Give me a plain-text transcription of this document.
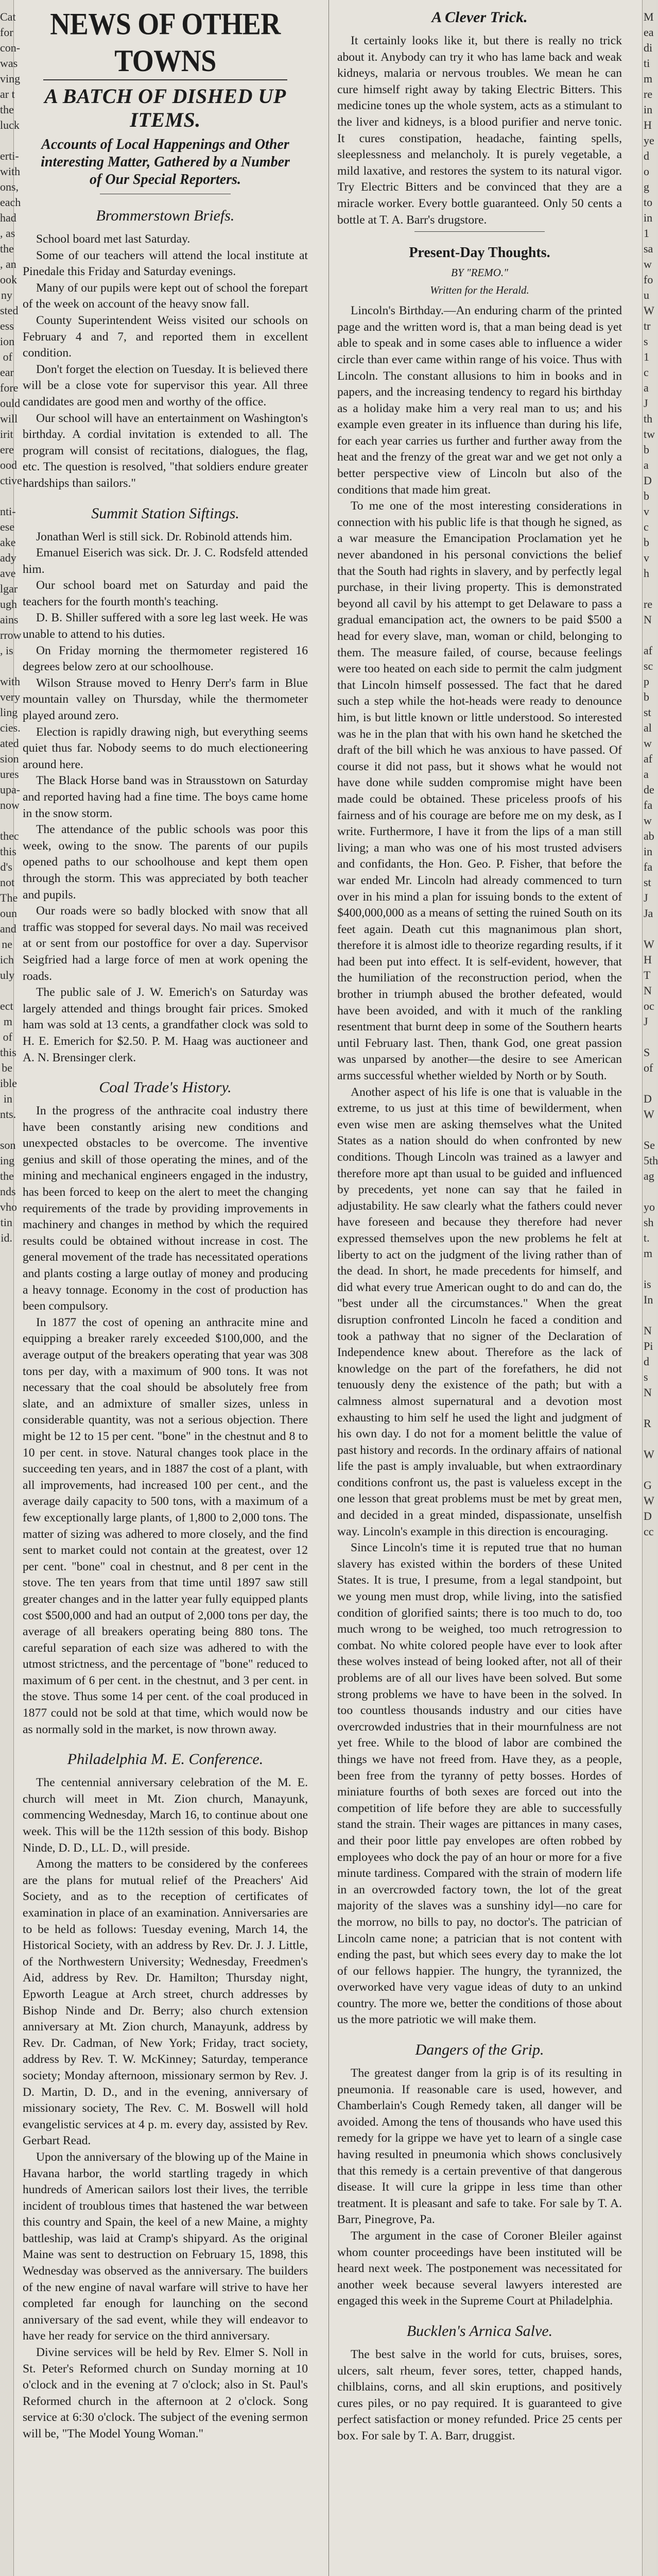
Cat
for
con-
was
ving
ar t
the
luck

erti-
with
ons,
each
had
, as
the
, an
ook
ny
sted
ess
ion
of
ear
fore
ould
will
irit
ere
ood
ctive

nti-
ese
ake
ady
ave
lgar
ugh
ains
rrow
, is

with
very
ling
cies.
ated
sion
ures
upa-
now

thec
this
d's
not
The
oun
and
ne
ich
uly

ect
m
of
this
be
ible
in
nts.

son
ing
the
nds
vho
tin
id.
NEWS OF OTHER TOWNS
A BATCH OF DISHED UP ITEMS.
Accounts of Local Happenings and Other interesting Matter, Gathered by a Number of Our Special Reporters.
Brommerstown Briefs.

School board met last Saturday.

Some of our teachers will attend the local institute at Pinedale this Friday and Saturday evenings.

Many of our pupils were kept out of school the forepart of the week on account of the heavy snow fall.

County Superintendent Weiss visited our schools on February 4 and 7, and reported them in excellent condition.

Don't forget the election on Tuesday. It is believed there will be a close vote for supervisor this year. All three candidates are good men and worthy of the office.

Our school will have an entertainment on Washington's birthday. A cordial invitation is extended to all. The program will consist of recitations, dialogues, the flag, etc. The question is resolved, "that soldiers endure greater hardships than sailors."

Summit Station Siftings.

Jonathan Werl is still sick. Dr. Robinold attends him.

Emanuel Eiserich was sick. Dr. J. C. Rodsfeld attended him.

Our school board met on Saturday and paid the teachers for the fourth month's teaching.

D. B. Shiller suffered with a sore leg last week. He was unable to attend to his duties.

On Friday morning the thermometer registered 16 degrees below zero at our schoolhouse.

Wilson Strause moved to Henry Derr's farm in Blue mountain valley on Thursday, while the thermometer played around zero.

Election is rapidly drawing nigh, but everything seems quiet thus far. Nobody seems to do much electioneering around here.

The Black Horse band was in Strausstown on Saturday and reported having had a fine time. The boys came home in the snow storm.

The attendance of the public schools was poor this week, owing to the snow. The parents of our pupils opened paths to our schoolhouse and kept them open through the storm. This was appreciated by both teacher and pupils.

Our roads were so badly blocked with snow that all traffic was stopped for several days. No mail was received at or sent from our postoffice for over a day. Supervisor Seigfried had a large force of men at work opening the roads.

The public sale of J. W. Emerich's on Saturday was largely attended and things brought fair prices. Smoked ham was sold at 13 cents, a grandfather clock was sold to H. E. Emerich for $2.50. P. M. Haag was auctioneer and A. N. Brensinger clerk.

Coal Trade's History.

In the progress of the anthracite coal industry there have been constantly arising new conditions and unexpected obstacles to be overcome. The inventive genius and skill of those operating the mines, and of the mining and mechanical engineers engaged in the industry, has been forced to keep on the alert to meet the changing requirements of the trade by providing improvements in machinery and changes in method by which the required results could be obtained without increase in cost. The general movement of the trade has necessitated operations and plants costing a large outlay of money and producing a heavy tonnage. Economy in the cost of production has been compulsory.

In 1877 the cost of opening an anthracite mine and equipping a breaker rarely exceeded $100,000, and the average output of the breakers operating that year was 308 tons per day, with a maximum of 900 tons. It was not necessary that the coal should be absolutely free from slate, and an admixture of smaller sizes, unless in considerable quantity, was not a serious objection. There might be 12 to 15 per cent. "bone" in the chestnut and 8 to 10 per cent. in stove. Natural changes took place in the succeeding ten years, and in 1887 the cost of a plant, with all improvements, had increased 100 per cent., and the average daily capacity to 500 tons, with a maximum of a few exceptionally large plants, of 1,800 to 2,000 tons. The matter of sizing was adhered to more closely, and the find sent to market could not contain at the greatest, over 12 per cent. "bone" coal in chestnut, and 8 per cent in the stove. The ten years from that time until 1897 saw still greater changes and in the latter year fully equipped plants cost $500,000 and had an output of 2,000 tons per day, the average of all breakers operating being 880 tons. The careful separation of each size was adhered to with the utmost strictness, and the percentage of "bone" reduced to maximum of 6 per cent. in the chestnut, and 3 per cent. in the stove. Thus some 14 per cent. of the coal produced in 1877 could not be sold at that time, which would now be as normally sold in the market, is now thrown away.

Philadelphia M. E. Conference.

The centennial anniversary celebration of the M. E. church will meet in Mt. Zion church, Manayunk, commencing Wednesday, March 16, to continue about one week. This will be the 112th session of this body. Bishop Ninde, D. D., LL. D., will preside.

Among the matters to be considered by the conferees are the plans for mutual relief of the Preachers' Aid Society, and as to the reception of certificates of examination in place of an examination. Anniversaries are to be held as follows: Tuesday evening, March 14, the Historical Society, with an address by Rev. Dr. J. J. Little, of the Northwestern University; Wednesday, Freedmen's Aid, address by Rev. Dr. Hamilton; Thursday night, Epworth League at Arch street, church addresses by Bishop Ninde and Dr. Berry; also church extension anniversary at Mt. Zion church, Manayunk, address by Rev. Dr. Cadman, of New York; Friday, tract society, address by Rev. T. W. McKinney; Saturday, temperance society; Monday afternoon, missionary sermon by Rev. J. D. Martin, D. D., and in the evening, anniversary of missionary society, The Rev. C. M. Boswell will hold evangelistic services at 4 p. m. every day, assisted by Rev. Gerbart Read.

Upon the anniversary of the blowing up of the Maine in Havana harbor, the world startling tragedy in which hundreds of American sailors lost their lives, the terrible incident of troublous times that hastened the war between this country and Spain, the keel of a new Maine, a mighty battleship, was laid at Cramp's shipyard. As the original Maine was sent to destruction on February 15, 1898, this Wednesday was observed as the anniversary. The builders of the new engine of naval warfare will strive to have her completed far enough for launching on the second anniversary of the sad event, while they will endeavor to have her ready for service on the third anniversary.

Divine services will be held by Rev. Elmer S. Noll in St. Peter's Reformed church on Sunday morning at 10 o'clock and in the evening at 7 o'clock; also in St. Paul's Reformed church in the afternoon at 2 o'clock. Song service at 6:30 o'clock. The subject of the evening sermon will be, "The Model Young Woman."

A Clever Trick.

It certainly looks like it, but there is really no trick about it. Anybody can try it who has lame back and weak kidneys, malaria or nervous troubles. We mean he can cure himself right away by taking Electric Bitters. This medicine tones up the whole system, acts as a stimulant to the liver and kidneys, is a blood purifier and nerve tonic. It cures constipation, headache, fainting spells, sleeplessness and melancholy. It is purely vegetable, a mild laxative, and restores the system to its natural vigor. Try Electric Bitters and be convinced that they are a miracle worker. Every bottle guaranteed. Only 50 cents a bottle at T. A. Barr's drugstore.

Present-Day Thoughts.
BY "REMO."
Written for the Herald.

Lincoln's Birthday.—An enduring charm of the printed page and the written word is, that a man being dead is yet able to speak and in some cases able to influence a wider circle than ever came within range of his voice. Thus with Lincoln. The constant allusions to him in books and in papers, and the increasing tendency to regard his birthday as a holiday make him a very real man to us; and his example even greater in its influence than during his life, for each year carries us further and further away from the heat and the frenzy of the great war and we get not only a better perspective view of Lincoln but also of the conditions that made him great.

To me one of the most interesting considerations in connection with his public life is that though he signed, as a war measure the Emancipation Proclamation yet he never abandoned in his personal convictions the belief that the South had rights in slavery, and by perfectly legal purchase, in their living property. This is demonstrated beyond all cavil by his attempt to get Delaware to pass a gradual emancipation act, the owners to be paid $500 a head for every slave, man, woman or child, belonging to them. The measure failed, of course, because feelings were too heated on each side to permit the calm judgment that Lincoln himself possessed. The fact that he dared such a step while the hot-heads were ready to denounce him, is but little known or little understood. So interested was he in the plan that with his own hand he sketched the draft of the bill which he was anxious to have passed. Of course it did not pass, but it shows what he would not have done while sudden compromise might have been made could be obtained. These priceless proofs of his fairness and of his courage are before me on my desk, as I write. Furthermore, I have it from the lips of a man still living; a man who was one of his most trusted advisers and confidants, the Hon. Geo. P. Fisher, that before the war ended Mr. Lincoln had already commenced to turn over in his mind a plan for issuing bonds to the extent of $400,000,000 as a means of setting the ruined South on its feet again. Death cut this magnanimous plan short, therefore it is almost idle to theorize regarding results, if it had been put into effect. It is self-evident, however, that the humiliation of the reconstruction period, when the brother in triumph abused the brother defeated, would have been avoided, and with it much of the rankling resentment that burnt deep in some of the Southern hearts until February last. Then, thank God, one great passion was unparsed by another—the desire to see American arms successful whether wielded by North or by South.

Another aspect of his life is one that is valuable in the extreme, to us just at this time of bewilderment, when even wise men are asking themselves what the United States as a nation should do when confronted by new conditions. Though Lincoln was trained as a lawyer and therefore more apt than usual to be guided and influenced by precedents, yet none can say that he failed in adjustability. He saw clearly what the fathers could never have foreseen and because they therefore had never expressed themselves upon the new problems he felt at liberty to act on the judgment of the living rather than of the dead. In short, he made precedents for himself, and did what every true American ought to do and can do, the "best under all the circumstances." When the great disruption confronted Lincoln he faced a condition and took a pathway that no signer of the Declaration of Independence knew about. Therefore as the lack of knowledge on the part of the forefathers, he did not tenuously deny the existence of the path; but with a calmness almost supernatural and a devotion most exhausting to him self he used the light and judgment of his own day. I do not for a moment belittle the value of past history and records. In the ordinary affairs of national life the past is amply invaluable, but when extraordinary conditions confront us, the past is valueless except in the one lesson that great problems must be met by great men, and decided in a great minded, dispassionate, unselfish way. Lincoln's example in this direction is encouraging.

Since Lincoln's time it is reputed true that no human slavery has existed within the borders of these United States. It is true, I presume, from a legal standpoint, but we young men must drop, while living, into the satisfied condition of glorified saints; there is too much to do, too much wrong to be weighed, too much retrogression to combat. No white colored people have ever to look after these wolves instead of being looked after, not all of their problems are of all our lives have been solved. But some strong problems we have to have been in the solved. In too countless thousands industry and our cities have overcrowded industries that in their mournfulness are not yet free. While to the blood of labor are combined the things we have not freed from. Have they, as a people, been free from the tyranny of petty bosses. Hordes of miniature fourths of both sexes are forced out into the competition of life before they are able to successfully stand the strain. Their wages are pittances in many cases, and their poor little pay envelopes are often robbed by employees who dock the pay of an hour or more for a five minute tardiness. Compared with the strain of modern life in an overcrowded factory town, the lot of the great majority of the slaves was a sunshiny idyl—no care for the morrow, no bills to pay, no doctor's. The patrician of Lincoln came none; a patrician that is not content with ending the past, but which sees every day to make the lot of our fellows happier. The hungry, the tyrannized, the overworked have very vague ideas of duty to an unkind country. The more we, better the conditions of those about us the more patriotic we will make them.

Dangers of the Grip.

The greatest danger from la grip is of its resulting in pneumonia. If reasonable care is used, however, and Chamberlain's Cough Remedy taken, all danger will be avoided. Among the tens of thousands who have used this remedy for la grippe we have yet to learn of a single case having resulted in pneumonia which shows conclusively that this remedy is a certain preventive of that dangerous disease. It will cure la grippe in less time than other treatment. It is pleasant and safe to take. For sale by T. A. Barr, Pinegrove, Pa.

The argument in the case of Coroner Bleiler against whom counter proceedings have been instituted will be heard next week. The postponement was necessitated for another week because several lawyers interested are engaged this week in the Supreme Court at Philadelphia.

Bucklen's Arnica Salve.

The best salve in the world for cuts, bruises, sores, ulcers, salt rheum, fever sores, tetter, chapped hands, chilblains, corns, and all skin eruptions, and positively cures piles, or no pay required. It is guaranteed to give perfect satisfaction or money refunded. Price 25 cents per box. For sale by T. A. Barr, druggist.

M
ea
di
ti
m
re
in
H
ye
d
o
g
to
in
1
sa
w
fo
u
W
tr
s
1
c
a
J
th
tw
b
a
D
b
v
c
b
v
h

re
N

af
sc
p
b
st
al
w
af
a
de
fa
w
ab
in
fa
st
J
Ja

W
H
T
N
oc
J

S
of

D
W

Se
5th
ag

yo
sh
t.
m

is
In

N
Pi
d
s
N

R

W

G
W
D
cc
